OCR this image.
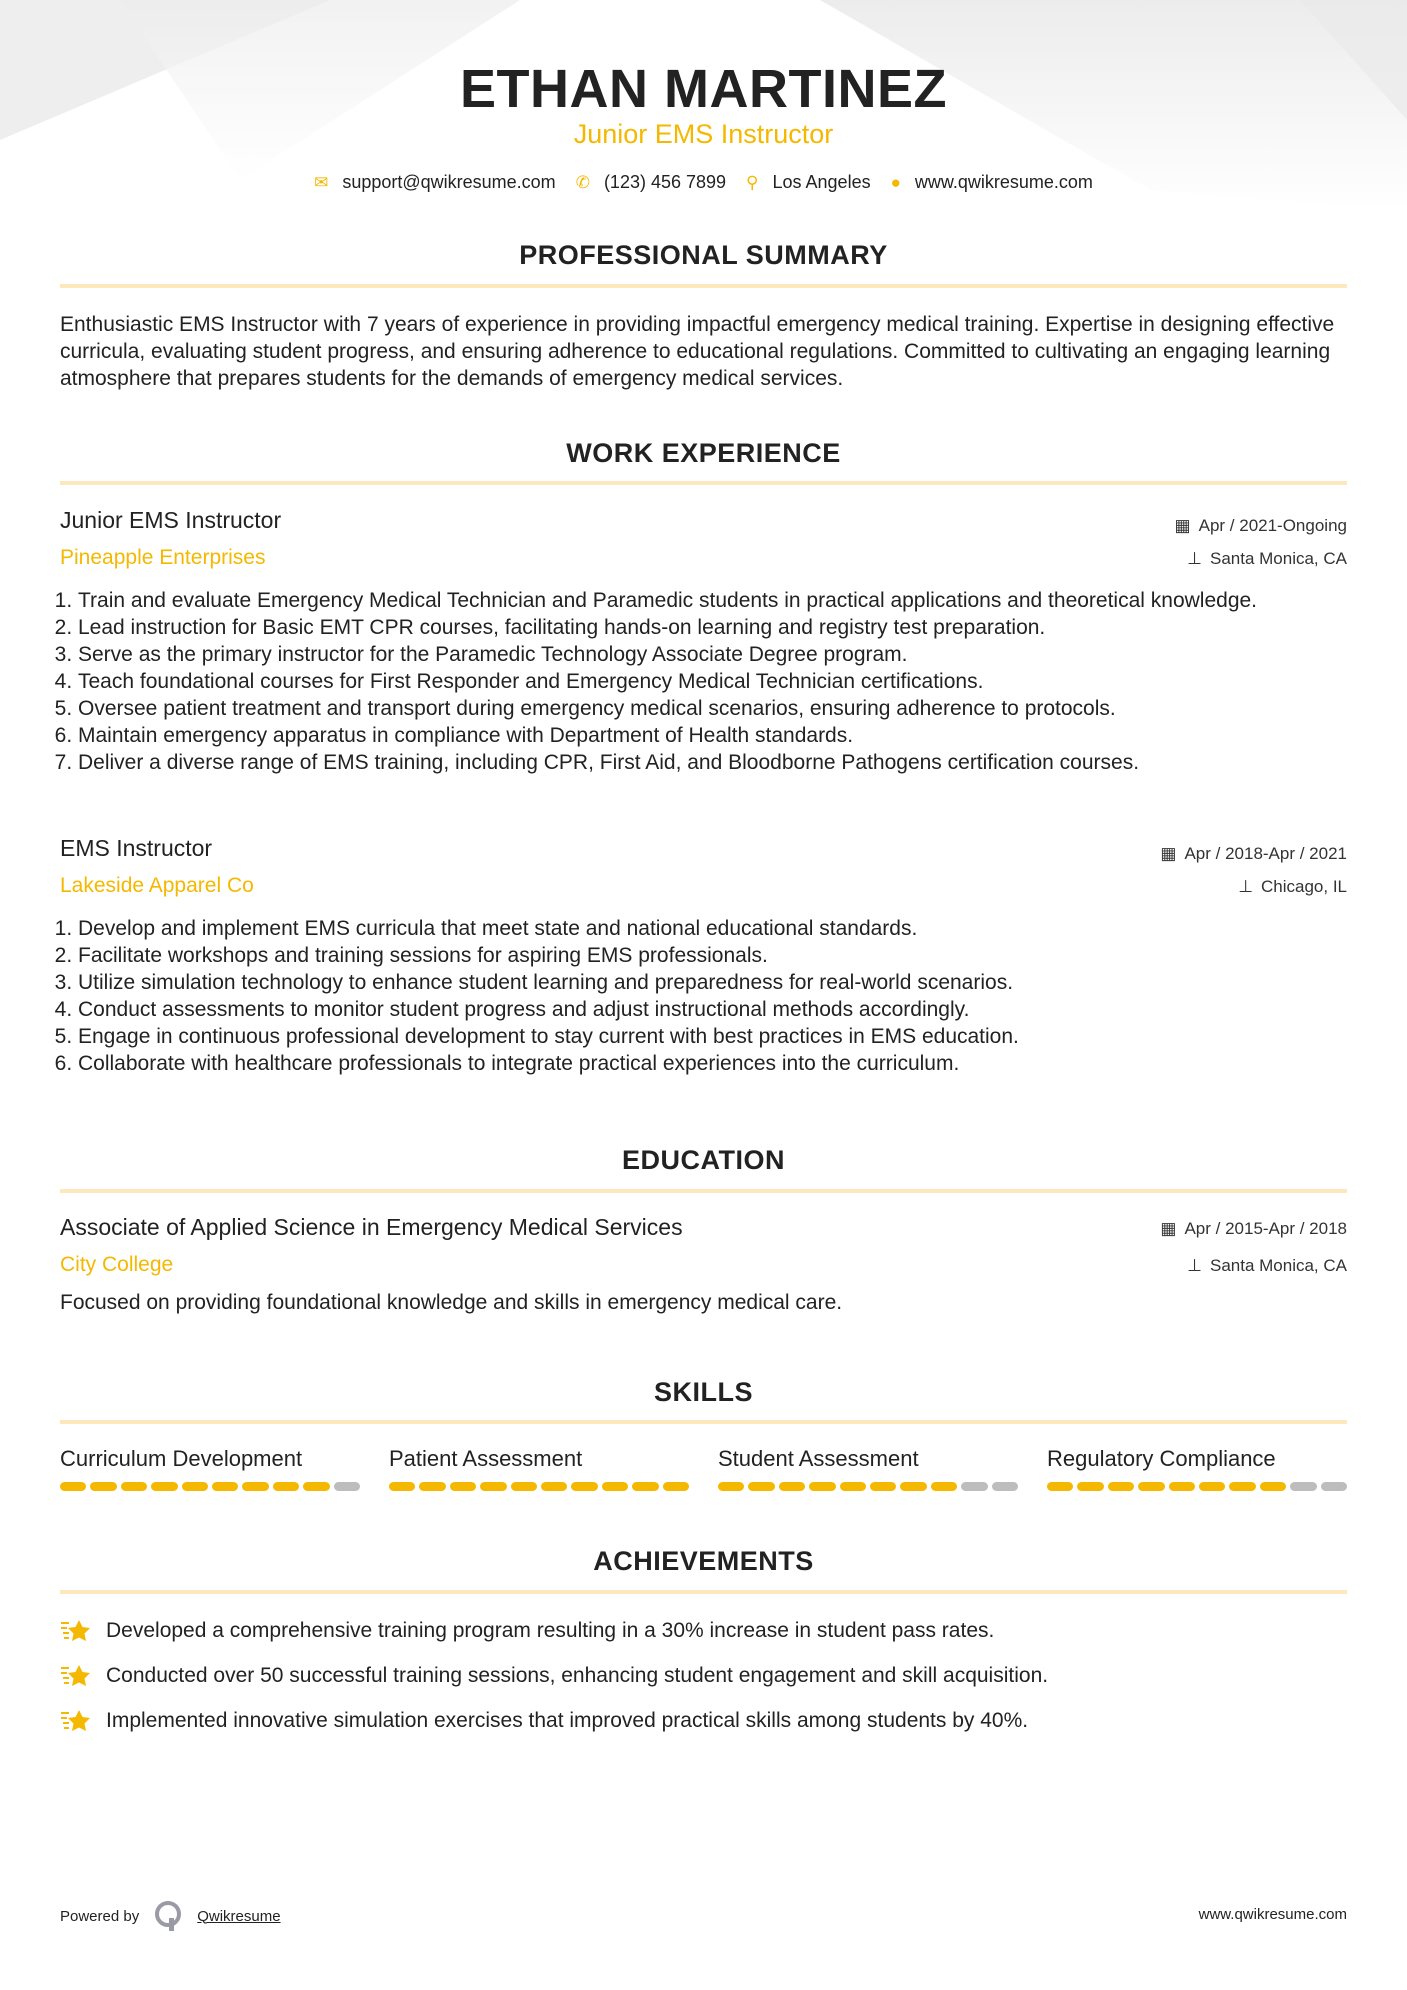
ETHAN MARTINEZ
Junior EMS Instructor
✉ support@qwikresume.com ✆ (123) 456 7899 ⚲ Los Angeles ● www.qwikresume.com
PROFESSIONAL SUMMARY
Enthusiastic EMS Instructor with 7 years of experience in providing impactful emergency medical training. Expertise in designing effective curricula, evaluating student progress, and ensuring adherence to educational regulations. Committed to cultivating an engaging learning atmosphere that prepares students for the demands of emergency medical services.
WORK EXPERIENCE
Junior EMS Instructor
Pineapple Enterprises
▦ Apr / 2021-Ongoing
⊥ Santa Monica, CA
1. Train and evaluate Emergency Medical Technician and Paramedic students in practical applications and theoretical knowledge.
2. Lead instruction for Basic EMT CPR courses, facilitating hands-on learning and registry test preparation.
3. Serve as the primary instructor for the Paramedic Technology Associate Degree program.
4. Teach foundational courses for First Responder and Emergency Medical Technician certifications.
5. Oversee patient treatment and transport during emergency medical scenarios, ensuring adherence to protocols.
6. Maintain emergency apparatus in compliance with Department of Health standards.
7. Deliver a diverse range of EMS training, including CPR, First Aid, and Bloodborne Pathogens certification courses.
EMS Instructor
Lakeside Apparel Co
▦ Apr / 2018-Apr / 2021
⊥ Chicago, IL
1. Develop and implement EMS curricula that meet state and national educational standards.
2. Facilitate workshops and training sessions for aspiring EMS professionals.
3. Utilize simulation technology to enhance student learning and preparedness for real-world scenarios.
4. Conduct assessments to monitor student progress and adjust instructional methods accordingly.
5. Engage in continuous professional development to stay current with best practices in EMS education.
6. Collaborate with healthcare professionals to integrate practical experiences into the curriculum.
EDUCATION
Associate of Applied Science in Emergency Medical Services
City College
▦ Apr / 2015-Apr / 2018
⊥ Santa Monica, CA
Focused on providing foundational knowledge and skills in emergency medical care.
SKILLS
Curriculum Development	Patient Assessment	Student Assessment	Regulatory Compliance
ACHIEVEMENTS
Developed a comprehensive training program resulting in a 30% increase in student pass rates.
Conducted over 50 successful training sessions, enhancing student engagement and skill acquisition.
Implemented innovative simulation exercises that improved practical skills among students by 40%.
Powered by	Qwikresume	www.qwikresume.com
